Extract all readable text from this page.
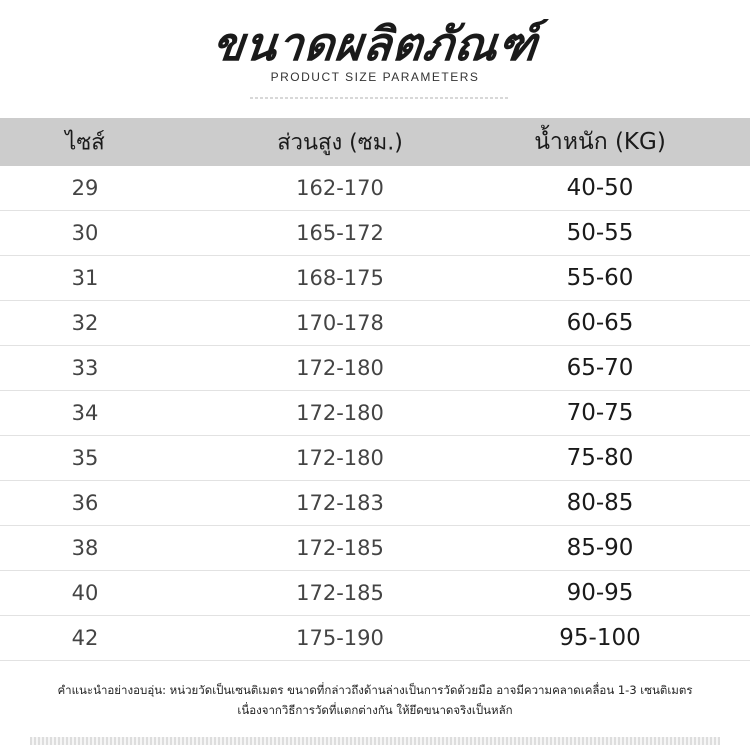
ขนาดผลิตภัณฑ์
PRODUCT SIZE PARAMETERS
ไซส์	ส่วนสูง (ซม.)	น้ำหนัก (KG)
29	162-170	40-50
30	165-172	50-55
31	168-175	55-60
32	170-178	60-65
33	172-180	65-70
34	172-180	70-75
35	172-180	75-80
36	172-183	80-85
38	172-185	85-90
40	172-185	90-95
42	175-190	95-100
คำแนะนำอย่างอบอุ่น: หน่วยวัดเป็นเซนติเมตร ขนาดที่กล่าวถึงด้านล่างเป็นการวัดด้วยมือ อาจมีความคลาดเคลื่อน 1-3 เซนติเมตร
เนื่องจากวิธีการวัดที่แตกต่างกัน ให้ยึดขนาดจริงเป็นหลัก
